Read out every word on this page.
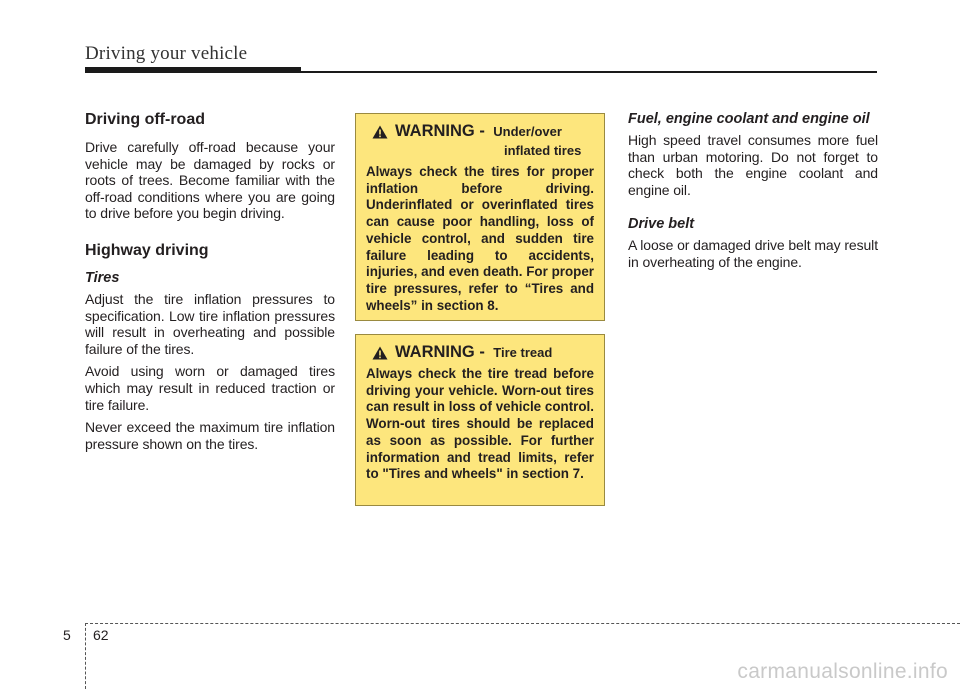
Driving your vehicle
Driving off-road

Drive carefully off-road because your vehicle may be damaged by rocks or roots of trees. Become familiar with the off-road conditions where you are going to drive before you begin driving.

Highway driving
Tires

Adjust the tire inflation pressures to specification. Low tire inflation pressures will result in overheating and possible failure of the tires.

Avoid using worn or damaged tires which may result in reduced traction or tire failure.

Never exceed the maximum tire inflation pressure shown on the tires.

WARNING - Under/over
inflated tires

Always check the tires for proper inflation before driving. Underinflated or overinflated tires can cause poor handling, loss of vehicle control, and sudden tire failure leading to accidents, injuries, and even death. For proper tire pressures, refer to “Tires and wheels” in section 8.

WARNING - Tire tread

Always check the tire tread before driving your vehicle. Worn-out tires can result in loss of vehicle control. Worn-out tires should be replaced as soon as possible. For further information and tread limits, refer to "Tires and wheels" in section 7.

Fuel, engine coolant and engine oil

High speed travel consumes more fuel than urban motoring. Do not forget to check both the engine coolant and engine oil.

Drive belt

A loose or damaged drive belt may result in overheating of the engine.

5 62
carmanualsonline.info
